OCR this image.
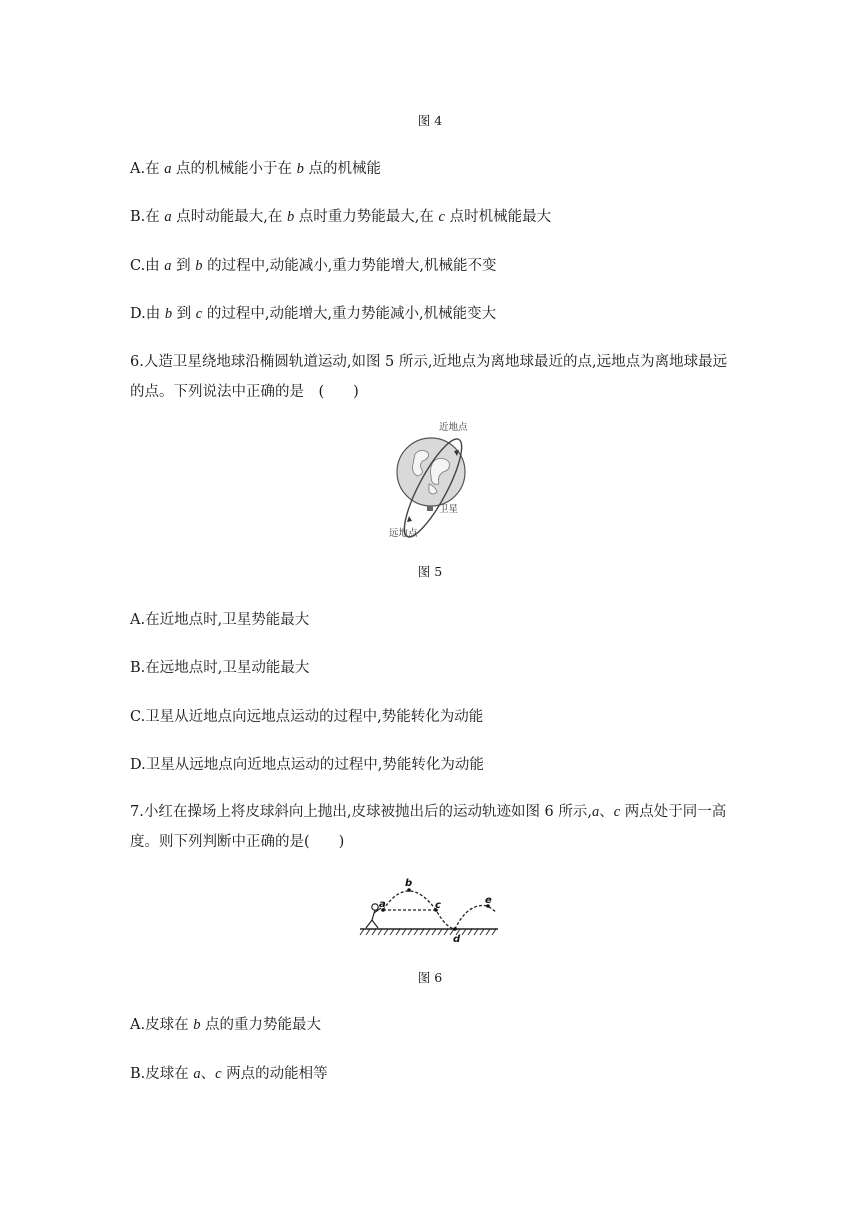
图 4
A.在 a 点的机械能小于在 b 点的机械能
B.在 a 点时动能最大,在 b 点时重力势能最大,在 c 点时机械能最大
C.由 a 到 b 的过程中,动能减小,重力势能增大,机械能不变
D.由 b 到 c 的过程中,动能增大,重力势能减小,机械能变大
6.人造卫星绕地球沿椭圆轨道运动,如图 5 所示,近地点为离地球最近的点,远地点为离地球最远的点。下列说法中正确的是　(　　)
近地点
卫星
远地点
图 5
A.在近地点时,卫星势能最大
B.在远地点时,卫星动能最大
C.卫星从近地点向远地点运动的过程中,势能转化为动能
D.卫星从远地点向近地点运动的过程中,势能转化为动能
7.小红在操场上将皮球斜向上抛出,皮球被抛出后的运动轨迹如图 6 所示,a、c 两点处于同一高度。则下列判断中正确的是(　　)
a
b
c
d
e
图 6
A.皮球在 b 点的重力势能最大
B.皮球在 a、c 两点的动能相等
